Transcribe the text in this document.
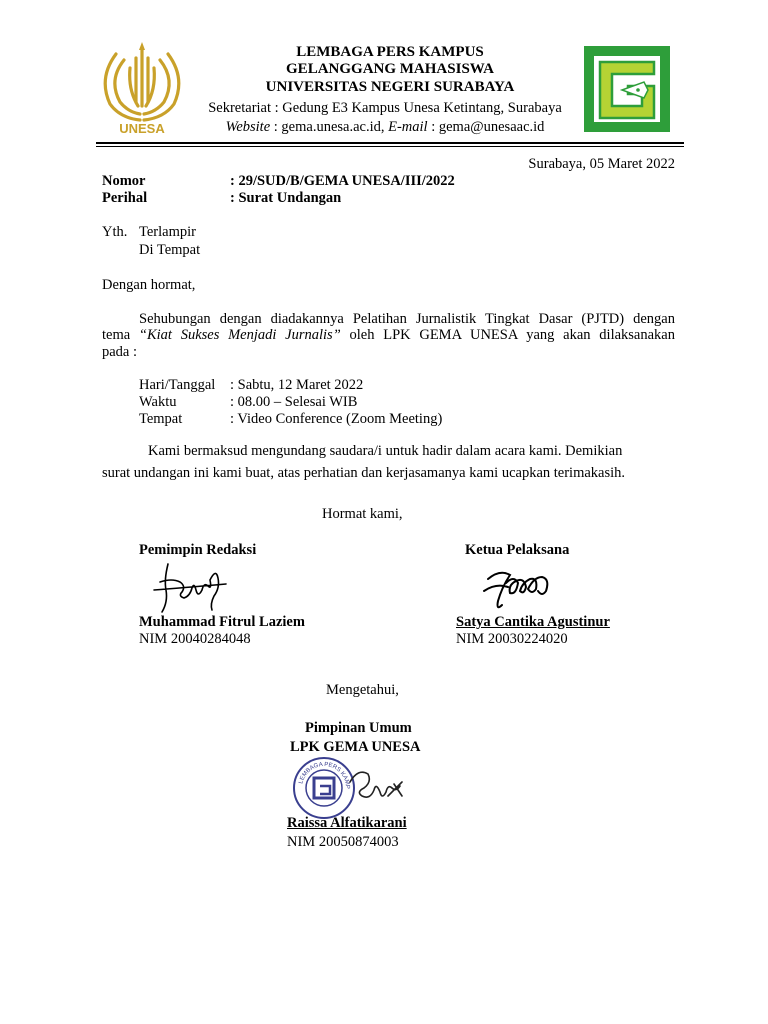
UNESA
LEMBAGA PERS KAMPUS
GELANGGANG MAHASISWA
UNIVERSITAS NEGERI SURABAYA
Sekretariat : Gedung E3 Kampus Unesa Ketintang, Surabaya
Website : gema.unesa.ac.id, E-mail : gema@unesaac.id
Surabaya, 05 Maret 2022
Nomor	: 29/SUD/B/GEMA UNESA/III/2022
Perihal	: Surat Undangan
Yth. Terlampir
Di Tempat
Dengan hormat,
Sehubungan dengan diadakannya Pelatihan Jurnalistik Tingkat Dasar (PJTD) dengan
tema “Kiat Sukses Menjadi Jurnalis” oleh LPK GEMA UNESA yang akan dilaksanakan
pada :
Hari/Tanggal : Sabtu, 12 Maret 2022
Waktu	: 08.00 – Selesai WIB
Tempat	: Video Conference (Zoom Meeting)
Kami bermaksud mengundang saudara/i untuk hadir dalam acara kami. Demikian
surat undangan ini kami buat, atas perhatian dan kerjasamanya kami ucapkan terimakasih.
Hormat kami,
Pemimpin Redaksi	Ketua Pelaksana
Muhammad Fitrul Laziem	Satya Cantika Agustinur
NIM 20040284048	NIM 20030224020
Mengetahui,
Pimpinan Umum
LPK GEMA UNESA
LEMBAGA PERS KAMP
Raissa Alfatikarani
NIM 20050874003
